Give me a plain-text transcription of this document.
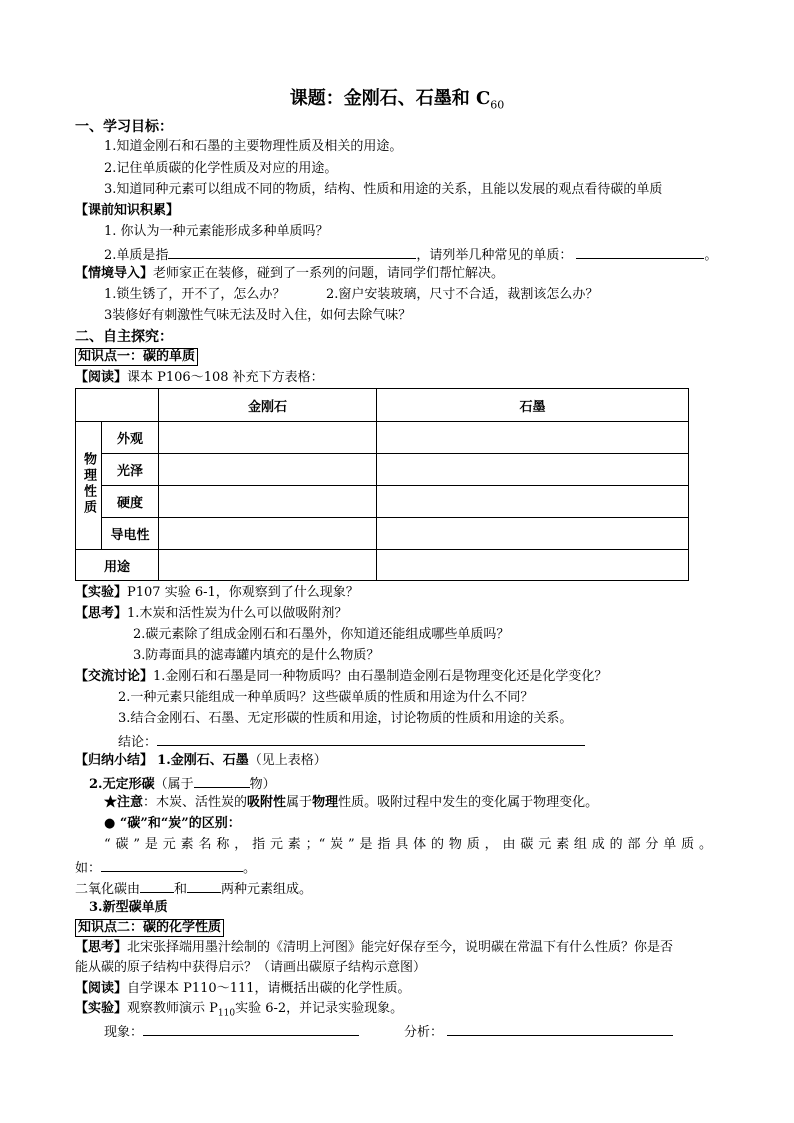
课题：金刚石、石墨和 $C_{60}$
一、学习目标：
1.知道金刚石和石墨的主要物理性质及相关的用途。
2.记住单质碳的化学性质及对应的用途。
3.知道同种元素可以组成不同的物质，结构、性质和用途的关系，且能以发展的观点看待碳的单质
【课前知识积累】
1. 你认为一种元素能形成多种单质吗？
2.单质是指	，请列举几种常见的单质：	。
【情境导入】老师家正在装修，碰到了一系列的问题，请同学们帮忙解决。
1.锁生锈了，开不了，怎么办？	2.窗户安装玻璃，尺寸不合适，裁割该怎么办？
3装修好有刺激性气味无法及时入住，如何去除气味？
二、自主探究：
知识点一：碳的单质
【阅读】课本 P106～108 补充下方表格：
		金刚石	石墨
物理性质	外观		
	光泽		
	硬度		
	导电性		
用途			
【实验】P107 实验 6-1，你观察到了什么现象？
【思考】1.木炭和活性炭为什么可以做吸附剂？
2.碳元素除了组成金刚石和石墨外，你知道还能组成哪些单质吗？
3.防毒面具的滤毒罐内填充的是什么物质？
【交流讨论】1.金刚石和石墨是同一种物质吗？由石墨制造金刚石是物理变化还是化学变化？
2.一种元素只能组成一种单质吗？这些碳单质的性质和用途为什么不同？
3.结合金刚石、石墨、无定形碳的性质和用途，讨论物质的性质和用途的关系。
结论：
【归纳小结】 1.金刚石、石墨（见上表格）
2.无定形碳（属于	物）
★注意：木炭、活性炭的吸附性属于物理性质。吸附过程中发生的变化属于物理变化。
● “碳”和“炭”的区别：
“碳”是元素名称，指元素；“炭”是指具体的物质，由碳元素组成的部分单质。
如：	。
二氧化碳由	和	两种元素组成。
3.新型碳单质
知识点二：碳的化学性质
【思考】北宋张择端用墨汁绘制的《清明上河图》能完好保存至今，说明碳在常温下有什么性质？你是否
能从碳的原子结构中获得启示？（请画出碳原子结构示意图）
【阅读】自学课本 P110～111，请概括出碳的化学性质。
【实验】观察教师演示 $P_{110}$实验 6-2，并记录实验现象。
现象：	分析：
